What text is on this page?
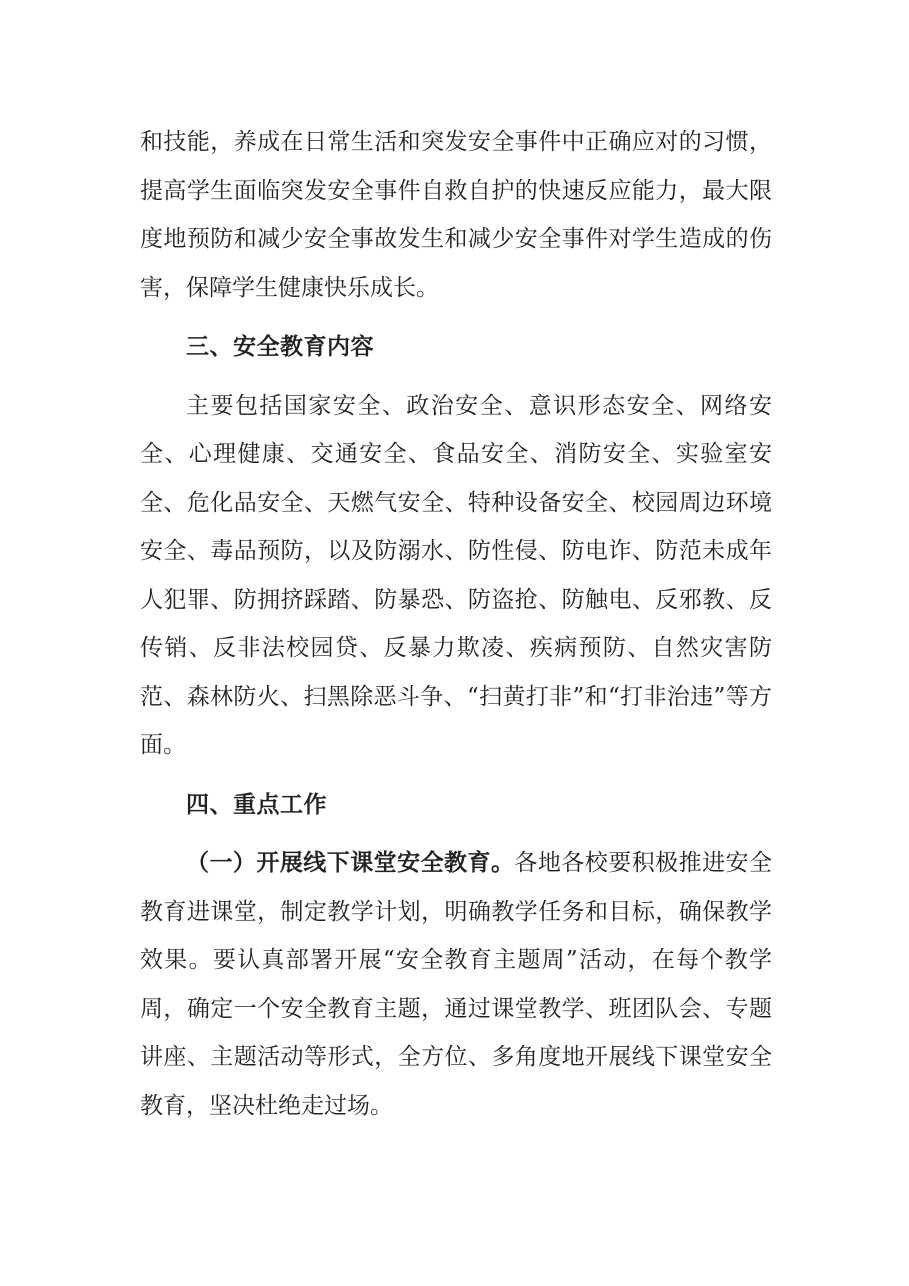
和技能，养成在日常生活和突发安全事件中正确应对的习惯，提高学生面临突发安全事件自救自护的快速反应能力，最大限度地预防和减少安全事故发生和减少安全事件对学生造成的伤害，保障学生健康快乐成长。

三、安全教育内容

主要包括国家安全、政治安全、意识形态安全、网络安全、心理健康、交通安全、食品安全、消防安全、实验室安全、危化品安全、天燃气安全、特种设备安全、校园周边环境安全、毒品预防，以及防溺水、防性侵、防电诈、防范未成年人犯罪、防拥挤踩踏、防暴恐、防盗抢、防触电、反邪教、反传销、反非法校园贷、反暴力欺凌、疾病预防、自然灾害防范、森林防火、扫黑除恶斗争、“扫黄打非”和“打非治违”等方面。

四、重点工作

（一）开展线下课堂安全教育。各地各校要积极推进安全教育进课堂，制定教学计划，明确教学任务和目标，确保教学效果。要认真部署开展“安全教育主题周”活动，在每个教学周，确定一个安全教育主题，通过课堂教学、班团队会、专题讲座、主题活动等形式，全方位、多角度地开展线下课堂安全教育，坚决杜绝走过场。
